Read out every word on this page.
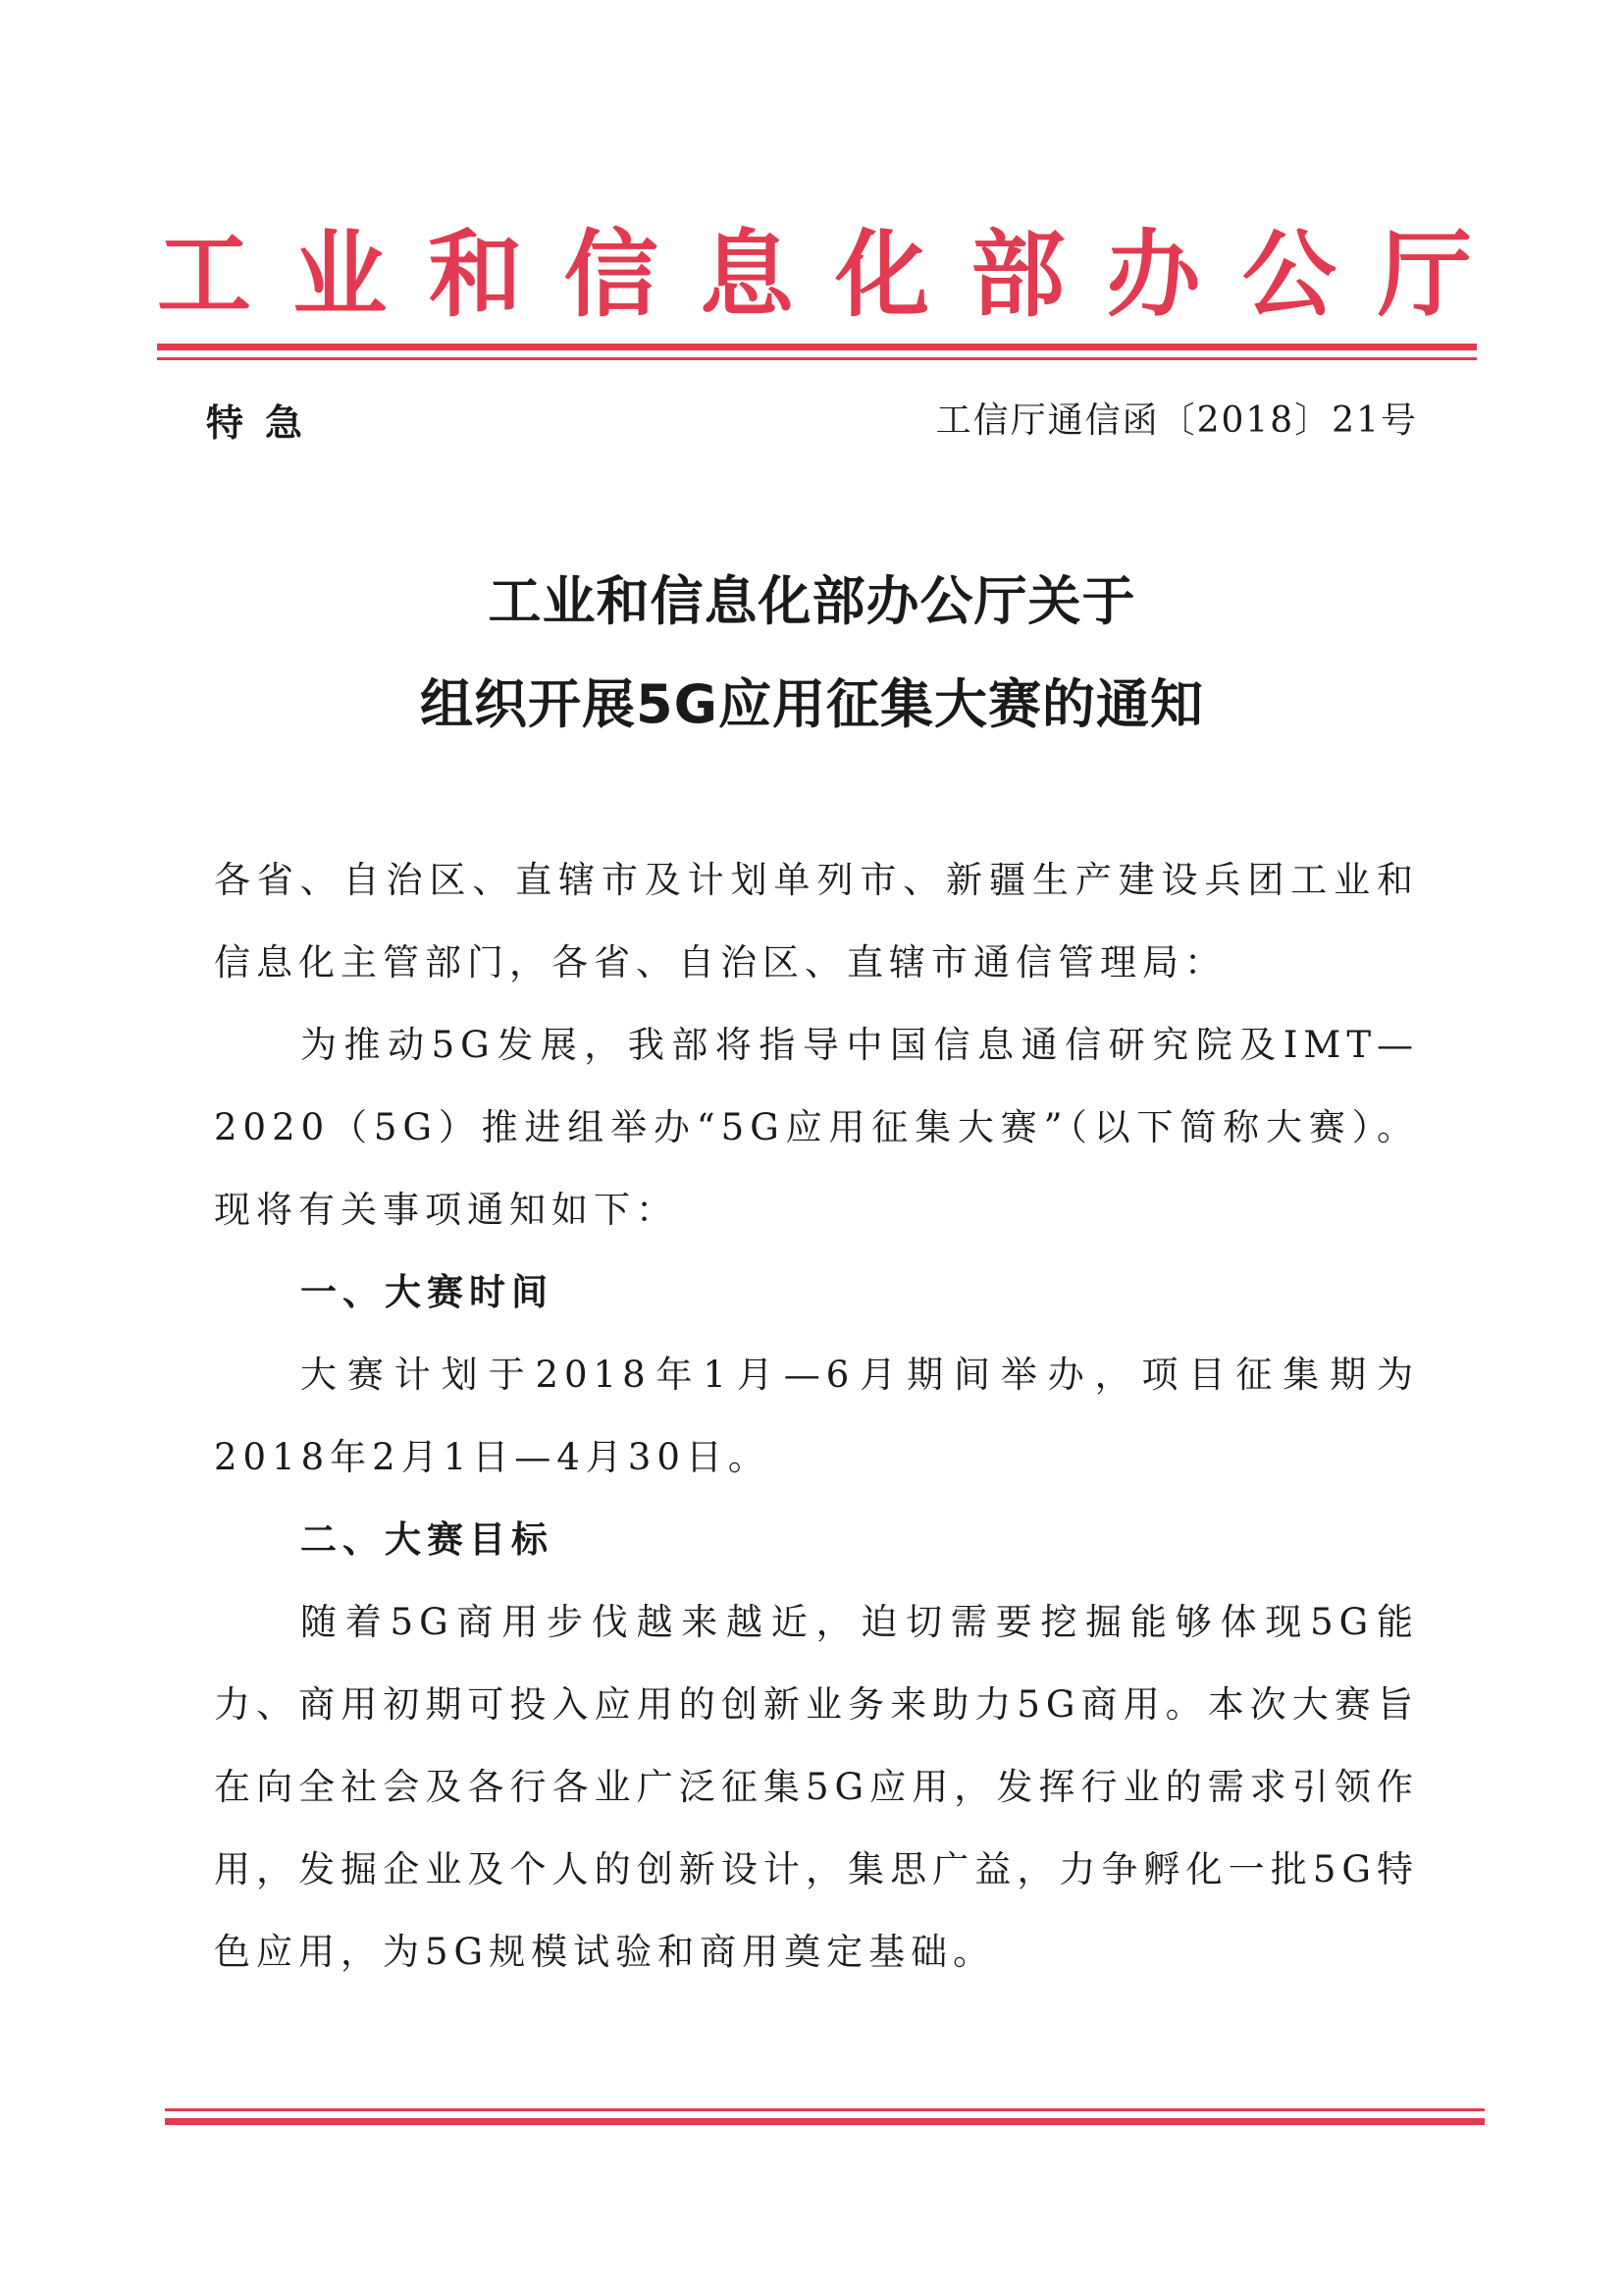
工 业 和 信 息 化 部 办 公 厅
特急	工信厅通信函〔2018〕21号
工业和信息化部办公厅关于
组织开展5G应用征集大赛的通知

各省、自治区、直辖市及计划单列市、新疆生产建设兵团工业和信息化主管部门，各省、自治区、直辖市通信管理局：

为推动5G发展，我部将指导中国信息通信研究院及IMT—2020（5G）推进组举办“5G应用征集大赛”（以下简称大赛）。现将有关事项通知如下：

一、大赛时间

大赛计划于2018年1月—6月期间举办，项目征集期为2018年2月1日—4月30日。

二、大赛目标

随着5G商用步伐越来越近，迫切需要挖掘能够体现5G能力、商用初期可投入应用的创新业务来助力5G商用。本次大赛旨在向全社会及各行各业广泛征集5G应用，发挥行业的需求引领作用，发掘企业及个人的创新设计，集思广益，力争孵化一批5G特色应用，为5G规模试验和商用奠定基础。
